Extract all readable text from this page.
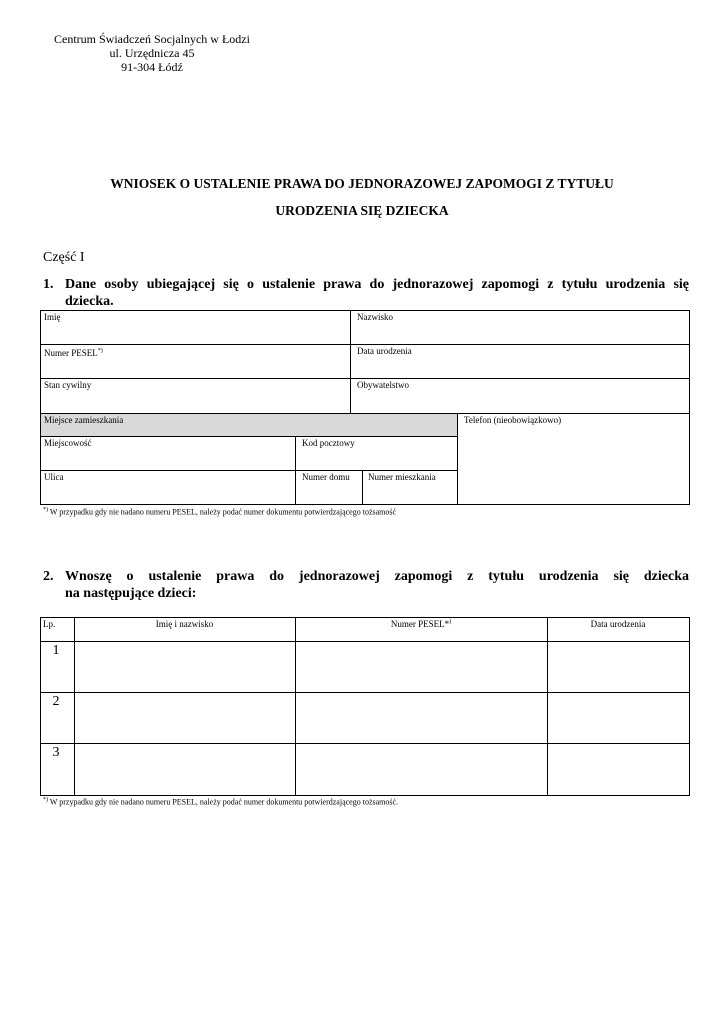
Centrum Świadczeń Socjalnych w Łodzi
ul. Urzędnicza 45
91-304 Łódź
WNIOSEK O USTALENIE PRAWA DO JEDNORAZOWEJ ZAPOMOGI Z TYTUŁU
URODZENIA SIĘ DZIECKA
Część I
1. Dane osoby ubiegającej się o ustalenie prawa do jednorazowej zapomogi z tytułu urodzenia się
dziecka.
Imię	Nazwisko
Numer PESEL*)	Data urodzenia
Stan cywilny	Obywatelstwo
Miejsce zamieszkania	Telefon (nieobowiązkowo)
Miejscowość	Kod pocztowy
Ulica	Numer domu	Numer mieszkania
*) W przypadku gdy nie nadano numeru PESEL, należy podać numer dokumentu potwierdzającego tożsamość
2. Wnoszę o ustalenie prawa do jednorazowej zapomogi z tytułu urodzenia się dziecka
na następujące dzieci:
Lp.	Imię i nazwisko	Numer PESEL*)	Data urodzenia
1
2
3
*) W przypadku gdy nie nadano numeru PESEL, należy podać numer dokumentu potwierdzającego tożsamość.
